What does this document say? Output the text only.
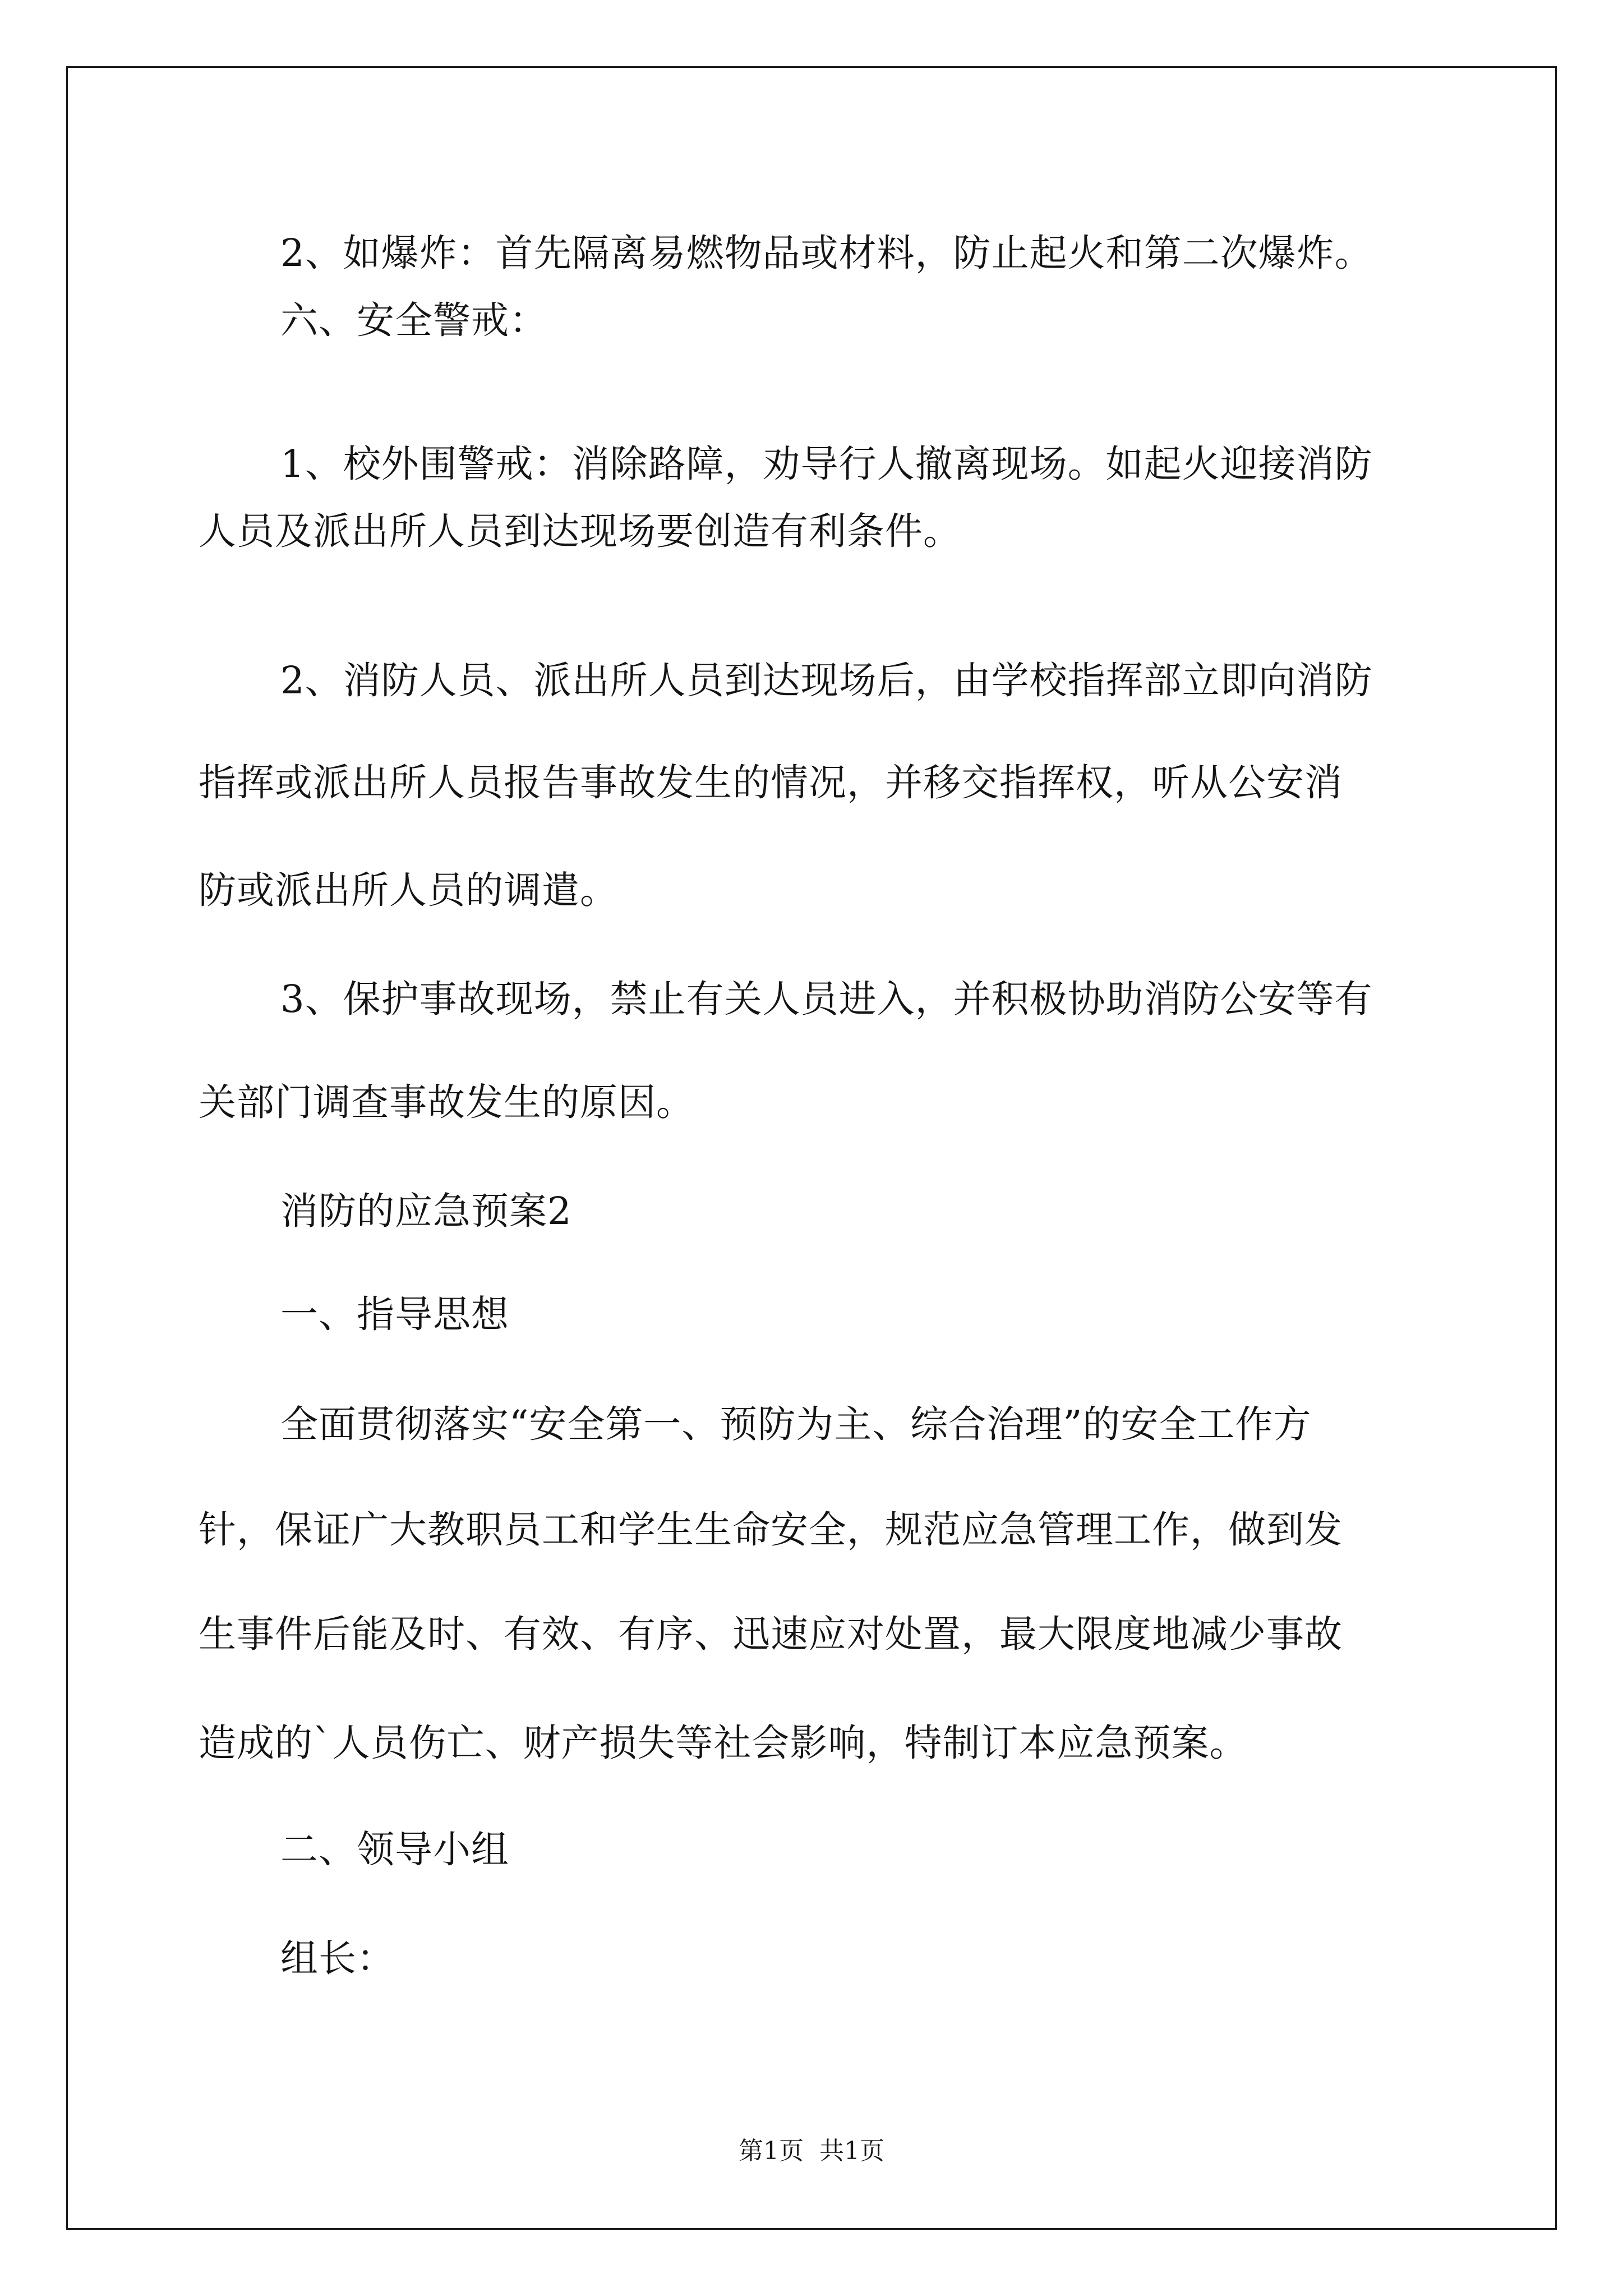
2、如爆炸：首先隔离易燃物品或材料，防止起火和第二次爆炸。

六、安全警戒：

1、校外围警戒：消除路障，劝导行人撤离现场。如起火迎接消防

人员及派出所人员到达现场要创造有利条件。

2、消防人员、派出所人员到达现场后，由学校指挥部立即向消防

指挥或派出所人员报告事故发生的情况，并移交指挥权，听从公安消

防或派出所人员的调遣。

3、保护事故现场，禁止有关人员进入，并积极协助消防公安等有

关部门调查事故发生的原因。

消防的应急预案2

一、指导思想

全面贯彻落实“安全第一、预防为主、综合治理”的安全工作方

针，保证广大教职员工和学生生命安全，规范应急管理工作，做到发

生事件后能及时、有效、有序、迅速应对处置，最大限度地减少事故

造成的`人员伤亡、财产损失等社会影响，特制订本应急预案。

二、领导小组

组长：

第1页  共1页
